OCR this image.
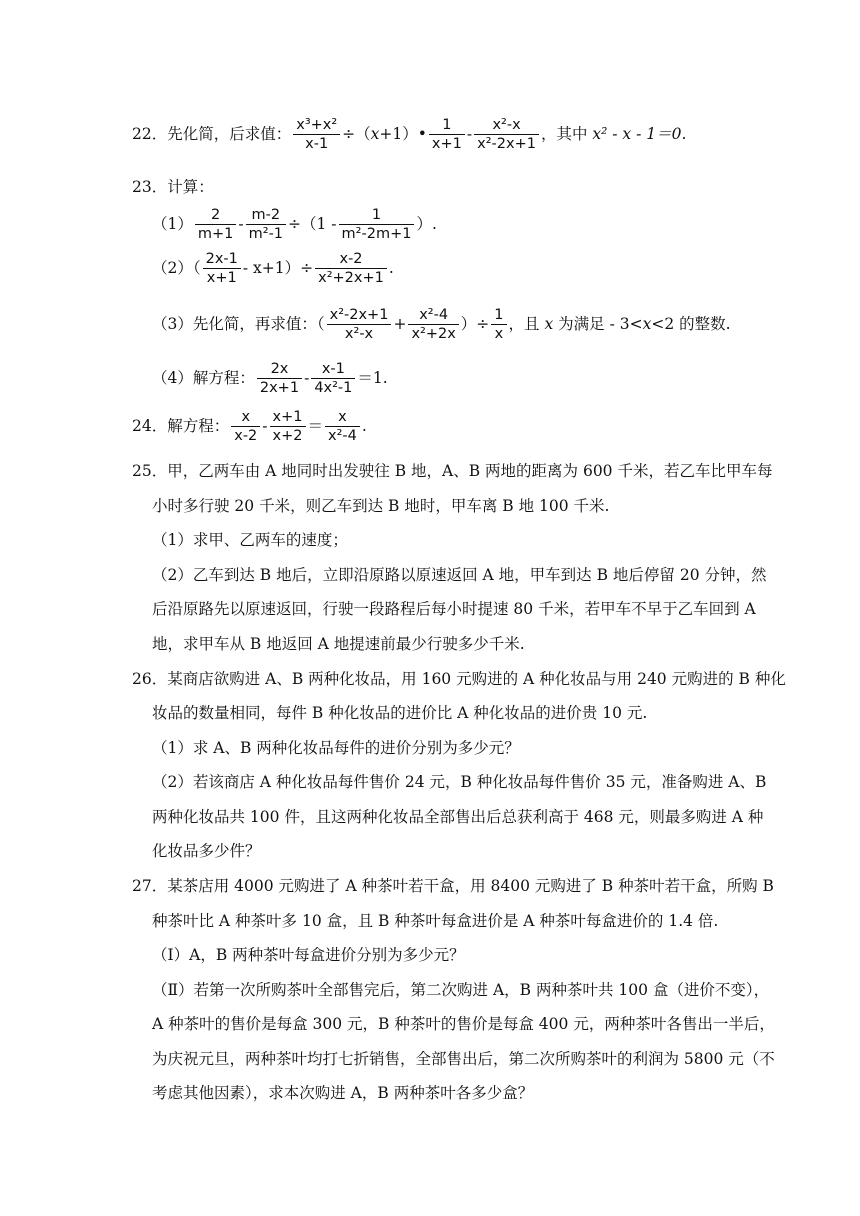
22．先化简，后求值： $\frac{\text{x³+x²}}{x-1}$ ÷（x+1）• $\frac{1}{x+1} - \frac{\text{x²-x}}{\text{x²-2x+1}}$ ，其中 x² - x - 1＝0.
23．计算：
$(1) \frac{2}{m+1} - \frac{m-2}{\text{m²-1}} \div(1 - \frac{1}{\text{m²-2m+1}}$ ）.
$(2)( \frac{2x-1}{x+1} - x+1)\div \frac{x-2}{\text{x²+2x+1}}$ .
（3）先化简，再求值：（ $\frac{\text{x²-2x+1}}{\text{x²-x}} + \frac{\text{x²-4}}{\text{x²+2x}}$ ）÷ $\frac{1}{x}$ ，且 x 为满足 - 3<x<2 的整数.
（4）解方程： $\frac{2x}{2x+1} - \frac{x-1}{\text{4x²-1}} =1$.
24．解方程： $\frac{x}{x-2} - \frac{x+1}{x+2} = \frac{x}{\text{x²-4}}$ .
25．甲，乙两车由 A 地同时出发驶往 B 地，A、B 两地的距离为 600 千米，若乙车比甲车每
小时多行驶 20 千米，则乙车到达 B 地时，甲车离 B 地 100 千米.
（1）求甲、乙两车的速度；
（2）乙车到达 B 地后，立即沿原路以原速返回 A 地，甲车到达 B 地后停留 20 分钟，然
后沿原路先以原速返回，行驶一段路程后每小时提速 80 千米，若甲车不早于乙车回到 A
地，求甲车从 B 地返回 A 地提速前最少行驶多少千米.
26．某商店欲购进 A、B 两种化妆品，用 160 元购进的 A 种化妆品与用 240 元购进的 B 种化
妆品的数量相同，每件 B 种化妆品的进价比 A 种化妆品的进价贵 10 元.
（1）求 A、B 两种化妆品每件的进价分别为多少元？
（2）若该商店 A 种化妆品每件售价 24 元，B 种化妆品每件售价 35 元，准备购进 A、B
两种化妆品共 100 件，且这两种化妆品全部售出后总获利高于 468 元，则最多购进 A 种
化妆品多少件？
27．某茶店用 4000 元购进了 A 种茶叶若干盒，用 8400 元购进了 B 种茶叶若干盒，所购 B
种茶叶比 A 种茶叶多 10 盒，且 B 种茶叶每盒进价是 A 种茶叶每盒进价的 1.4 倍.
（Ⅰ）A，B 两种茶叶每盒进价分别为多少元？
（Ⅱ）若第一次所购茶叶全部售完后，第二次购进 A，B 两种茶叶共 100 盒（进价不变），
A 种茶叶的售价是每盒 300 元，B 种茶叶的售价是每盒 400 元，两种茶叶各售出一半后，
为庆祝元旦，两种茶叶均打七折销售，全部售出后，第二次所购茶叶的利润为 5800 元（不
考虑其他因素），求本次购进 A，B 两种茶叶各多少盒？
